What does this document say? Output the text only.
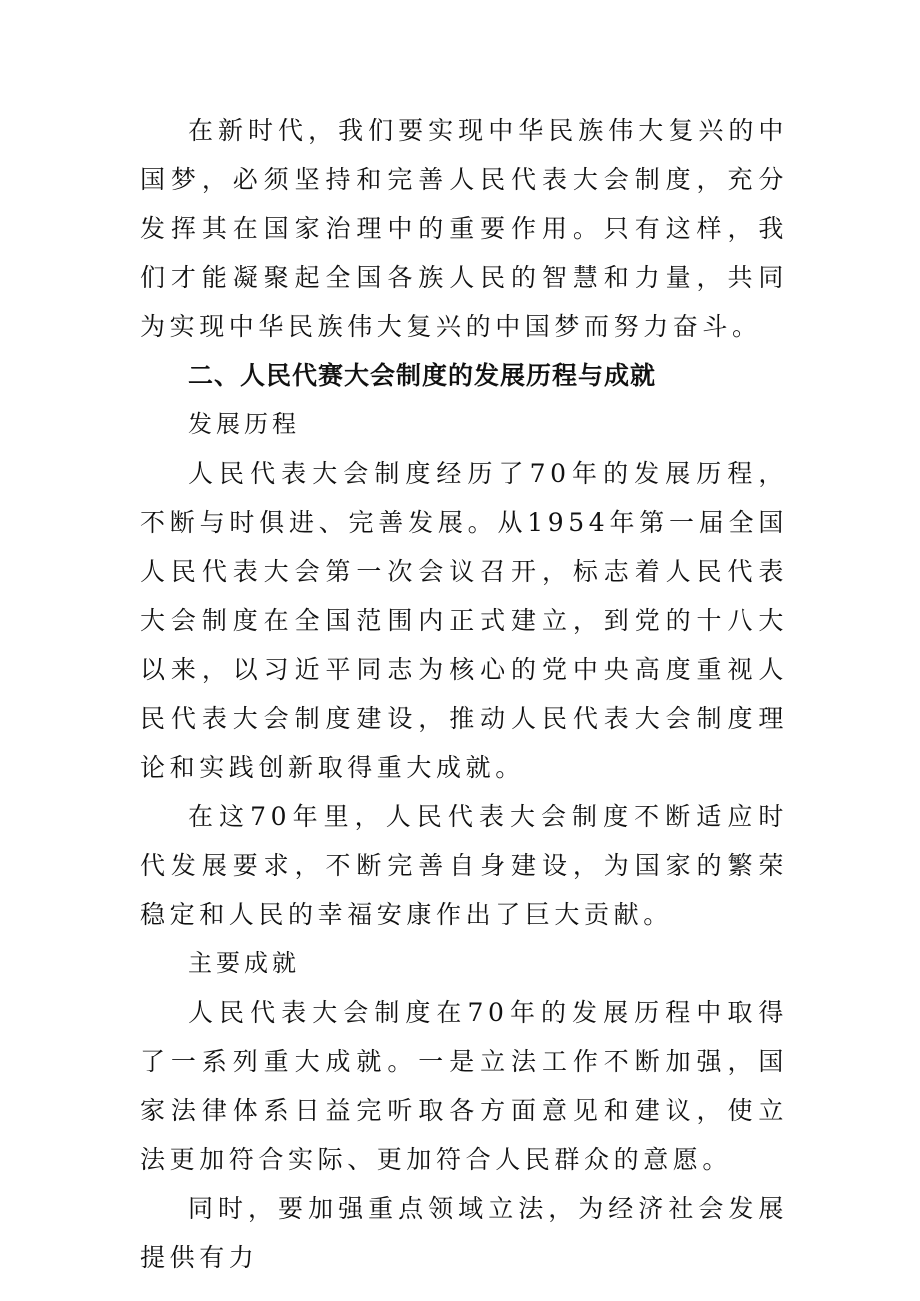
在新时代，我们要实现中华民族伟大复兴的中国梦，必须坚持和完善人民代表大会制度，充分发挥其在国家治理中的重要作用。只有这样，我们才能凝聚起全国各族人民的智慧和力量，共同为实现中华民族伟大复兴的中国梦而努力奋斗。

二、人民代赛大会制度的发展历程与成就

发展历程

人民代表大会制度经历了70年的发展历程，不断与时俱进、完善发展。从1954年第一届全国人民代表大会第一次会议召开，标志着人民代表大会制度在全国范围内正式建立，到党的十八大以来，以习近平同志为核心的党中央高度重视人民代表大会制度建设，推动人民代表大会制度理论和实践创新取得重大成就。

在这70年里，人民代表大会制度不断适应时代发展要求，不断完善自身建设，为国家的繁荣稳定和人民的幸福安康作出了巨大贡献。

主要成就

人民代表大会制度在70年的发展历程中取得了一系列重大成就。一是立法工作不断加强，国家法律体系日益完听取各方面意见和建议，使立法更加符合实际、更加符合人民群众的意愿。

同时，要加强重点领域立法，为经济社会发展提供有力
